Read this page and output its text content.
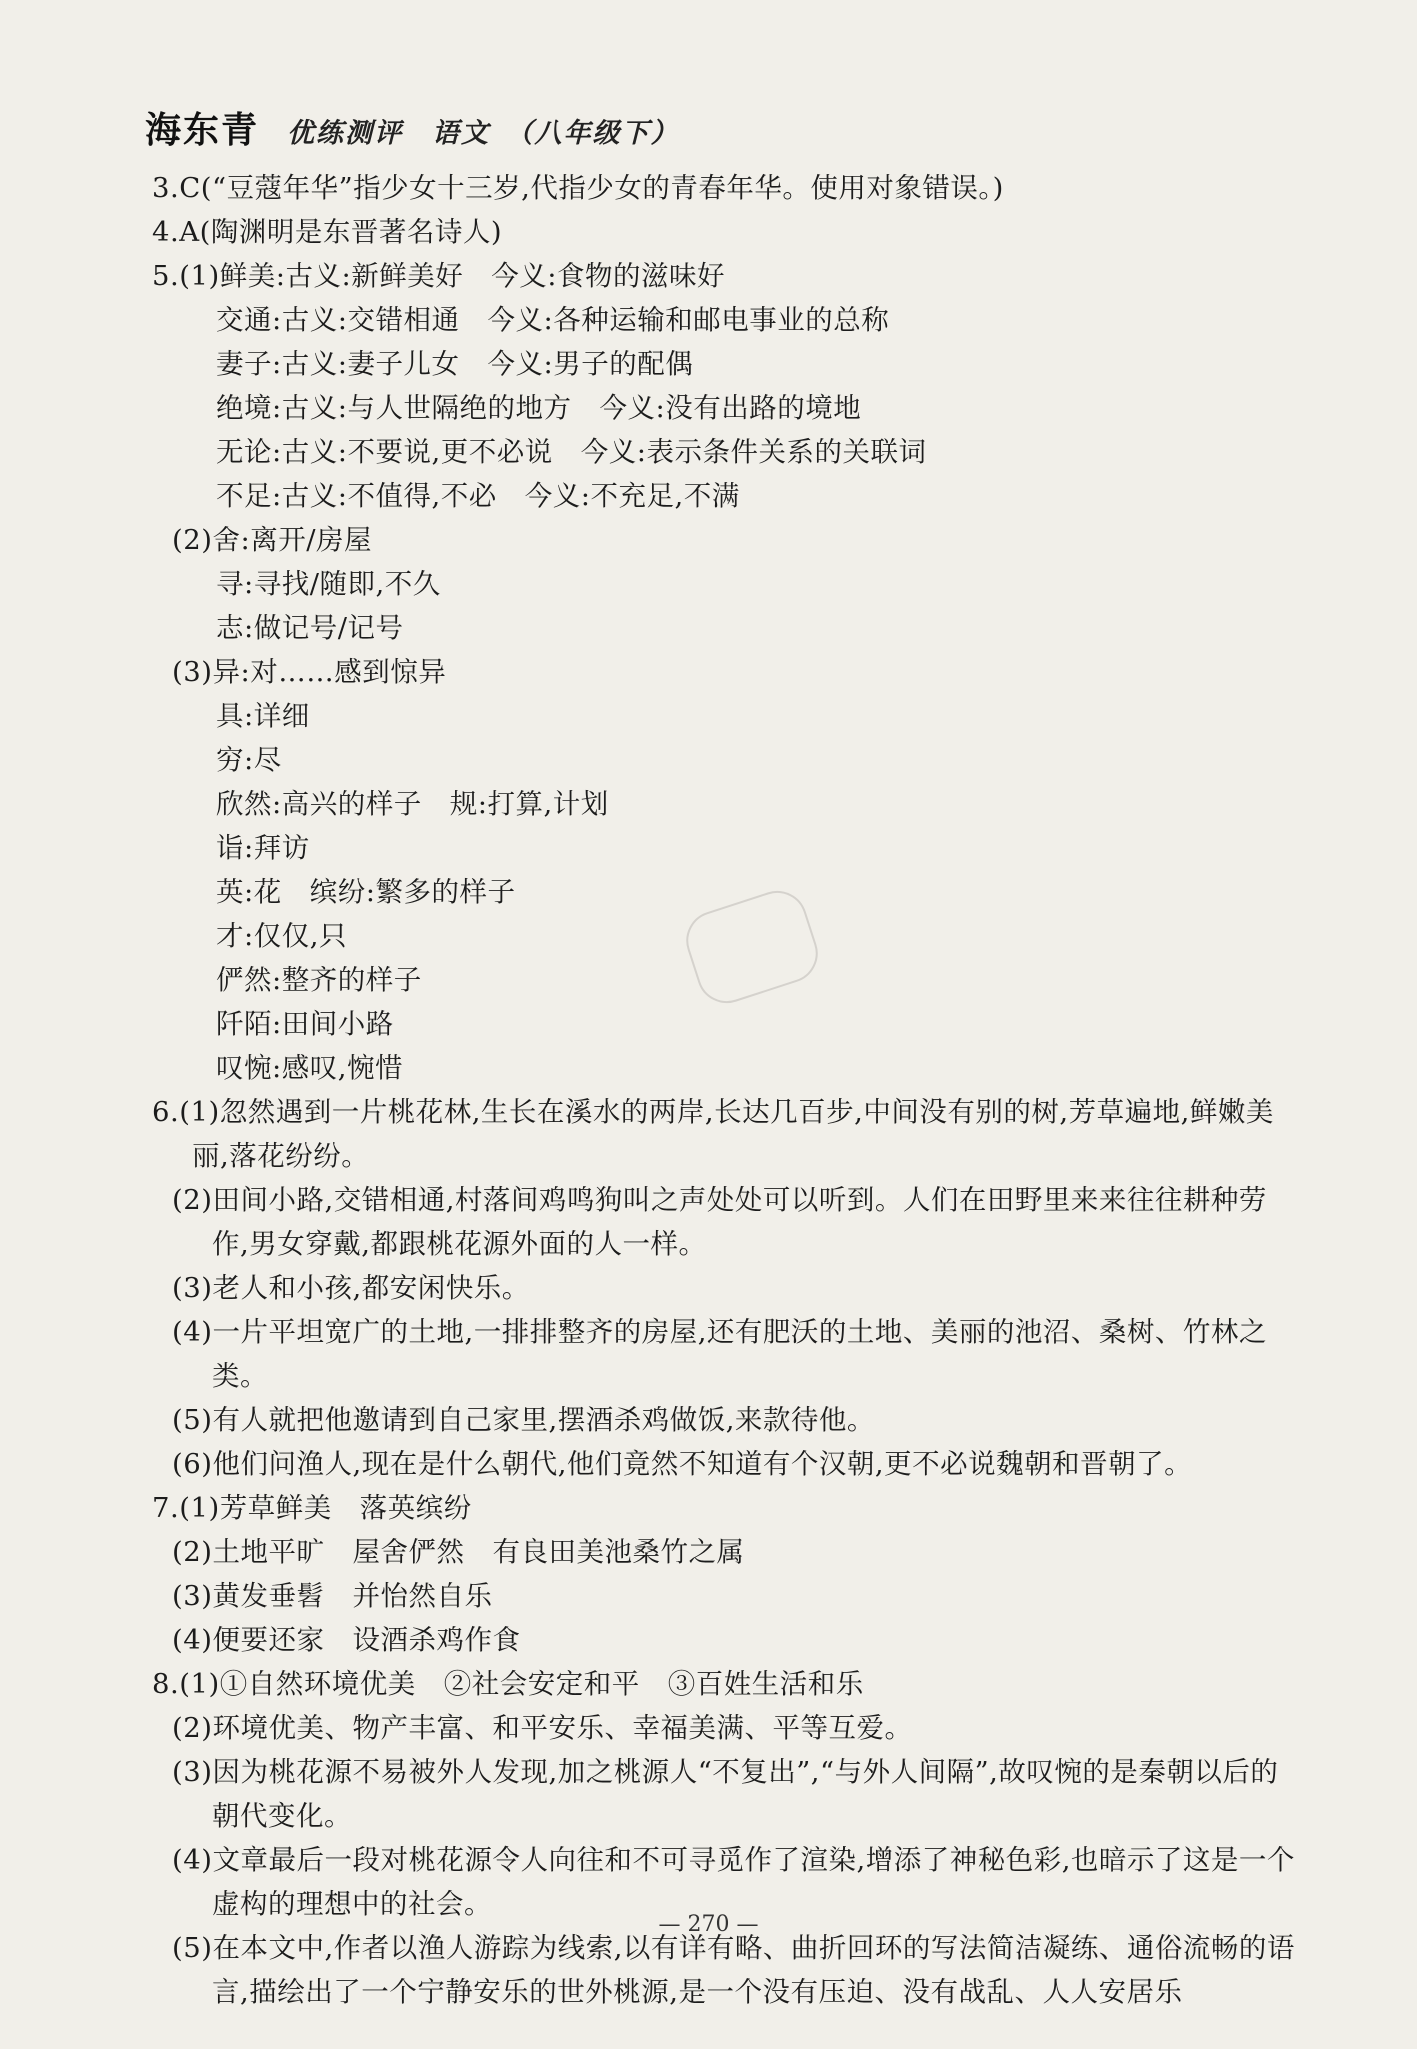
海东青 优练测评　语文　（八年级下）
3.C(“豆蔻年华”指少女十三岁,代指少女的青春年华。使用对象错误。)
4.A(陶渊明是东晋著名诗人)
5.(1)鲜美:古义:新鲜美好　今义:食物的滋味好
交通:古义:交错相通　今义:各种运输和邮电事业的总称
妻子:古义:妻子儿女　今义:男子的配偶
绝境:古义:与人世隔绝的地方　今义:没有出路的境地
无论:古义:不要说,更不必说　今义:表示条件关系的关联词
不足:古义:不值得,不必　今义:不充足,不满
(2)舍:离开/房屋
寻:寻找/随即,不久
志:做记号/记号
(3)异:对……感到惊异
具:详细
穷:尽
欣然:高兴的样子　规:打算,计划
诣:拜访
英:花　缤纷:繁多的样子
才:仅仅,只
俨然:整齐的样子
阡陌:田间小路
叹惋:感叹,惋惜
6.(1)忽然遇到一片桃花林,生长在溪水的两岸,长达几百步,中间没有别的树,芳草遍地,鲜嫩美丽,落花纷纷。
(2)田间小路,交错相通,村落间鸡鸣狗叫之声处处可以听到。人们在田野里来来往往耕种劳作,男女穿戴,都跟桃花源外面的人一样。
(3)老人和小孩,都安闲快乐。
(4)一片平坦宽广的土地,一排排整齐的房屋,还有肥沃的土地、美丽的池沼、桑树、竹林之类。
(5)有人就把他邀请到自己家里,摆酒杀鸡做饭,来款待他。
(6)他们问渔人,现在是什么朝代,他们竟然不知道有个汉朝,更不必说魏朝和晋朝了。
7.(1)芳草鲜美　落英缤纷
(2)土地平旷　屋舍俨然　有良田美池桑竹之属
(3)黄发垂髫　并怡然自乐
(4)便要还家　设酒杀鸡作食
8.(1)①自然环境优美　②社会安定和平　③百姓生活和乐
(2)环境优美、物产丰富、和平安乐、幸福美满、平等互爱。
(3)因为桃花源不易被外人发现,加之桃源人“不复出”,“与外人间隔”,故叹惋的是秦朝以后的朝代变化。
(4)文章最后一段对桃花源令人向往和不可寻觅作了渲染,增添了神秘色彩,也暗示了这是一个虚构的理想中的社会。
(5)在本文中,作者以渔人游踪为线索,以有详有略、曲折回环的写法简洁凝练、通俗流畅的语言,描绘出了一个宁静安乐的世外桃源,是一个没有压迫、没有战乱、人人安居乐
— 270 —
